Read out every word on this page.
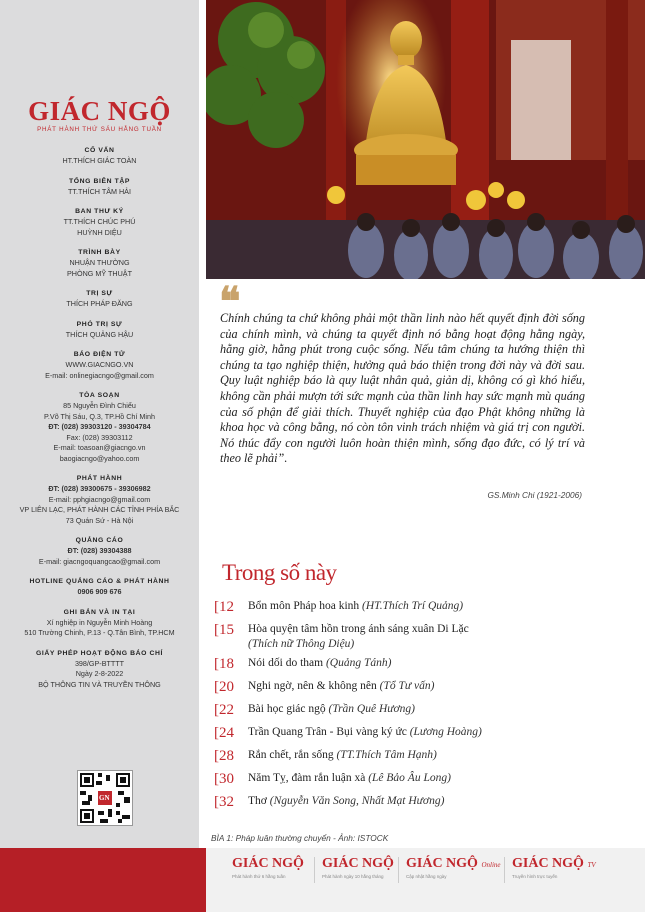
GIÁC NGỘ
PHÁT HÀNH THỨ SÁU HẰNG TUẦN
CỐ VẤN
HT.THÍCH GIÁC TOÀN
TỔNG BIÊN TẬP
TT.THÍCH TÂM HẢI
BAN THƯ KÝ
TT.THÍCH CHÚC PHÚ
HUỲNH DIỆU
TRÌNH BÀY
NHUẬN THƯỜNG
PHÒNG MỸ THUẬT
TRỊ SỰ
THÍCH PHÁP ĐĂNG
PHÓ TRỊ SỰ
THÍCH QUẢNG HẬU
BÁO ĐIỆN TỬ
WWW.GIACNGO.VN
E-mail: onlinegiacngo@gmail.com
TÒA SOẠN
85 Nguyễn Đình Chiểu
P.Võ Thị Sáu, Q.3, TP.Hồ Chí Minh
ĐT: (028) 39303120 - 39304784
Fax: (028) 39303112
E-mail: toasoan@giacngo.vn
baogiacngo@yahoo.com
PHÁT HÀNH
ĐT: (028) 39300675 - 39306982
E-mail: pphgiacngo@gmail.com
VP LIÊN LẠC, PHÁT HÀNH CÁC TỈNH PHÍA BẮC
73 Quán Sứ - Hà Nội
QUẢNG CÁO
ĐT: (028) 39304388
E-mail: giacngoquangcao@gmail.com
HOTLINE QUẢNG CÁO & PHÁT HÀNH
0906 909 676
GHI BẢN VÀ IN TẠI
Xí nghiệp in Nguyễn Minh Hoàng
510 Trường Chinh, P.13 - Q.Tân Bình, TP.HCM
GIẤY PHÉP HOẠT ĐỘNG BÁO CHÍ
398/GP-BTTTT
Ngày 2-8-2022
BỘ THÔNG TIN VÀ TRUYỀN THÔNG
GN
❝
Chính chúng ta chứ không phải một thần linh nào hết quyết định đời sống của chính mình, và chúng ta quyết định nó bằng hoạt động hằng ngày, hằng giờ, hằng phút trong cuộc sống. Nếu tâm chúng ta hướng thiện thì chúng ta tạo nghiệp thiện, hưởng quả báo thiện trong đời này và đời sau. Quy luật nghiệp báo là quy luật nhân quả, giản dị, không có gì khó hiểu, không cần phải mượn tới sức mạnh của thần linh hay sức mạnh mù quáng của số phận để giải thích. Thuyết nghiệp của đạo Phật không những là khoa học và công bằng, nó còn tôn vinh trách nhiệm và giá trị con người. Nó thúc đẩy con người luôn hoàn thiện mình, sống đạo đức, có lý trí và theo lẽ phải”.
GS.Minh Chi (1921-2006)
Trong số này
[ 12	Bổn môn Pháp hoa kinh (HT.Thích Trí Quảng)
[ 15	Hòa quyện tâm hồn trong ánh sáng xuân Di Lặc
(Thích nữ Thông Diệu)
[ 18	Nói dối do tham (Quảng Tánh)
[ 20	Nghi ngờ, nên & không nên (Tổ Tư vấn)
[ 22	Bài học giác ngộ (Trần Quê Hương)
[ 24	Trần Quang Trân - Bụi vàng ký ức (Lương Hoàng)
[ 28	Rắn chết, rắn sống (TT.Thích Tâm Hạnh)
[ 30	Năm Tỵ, đàm rắn luận xà (Lê Bảo Âu Long)
[ 32	Thơ (Nguyễn Văn Song, Nhất Mạt Hương)
BÌA 1: Pháp luân thường chuyển - Ảnh: ISTOCK
GIÁC NGỘ
Phát hành thứ 6 hằng tuần
GIÁC NGỘ
Phát hành ngày 10 hằng tháng
GIÁC NGỘ Online
Cập nhật hằng ngày
GIÁC NGỘ TV
Truyền hình trực tuyến
